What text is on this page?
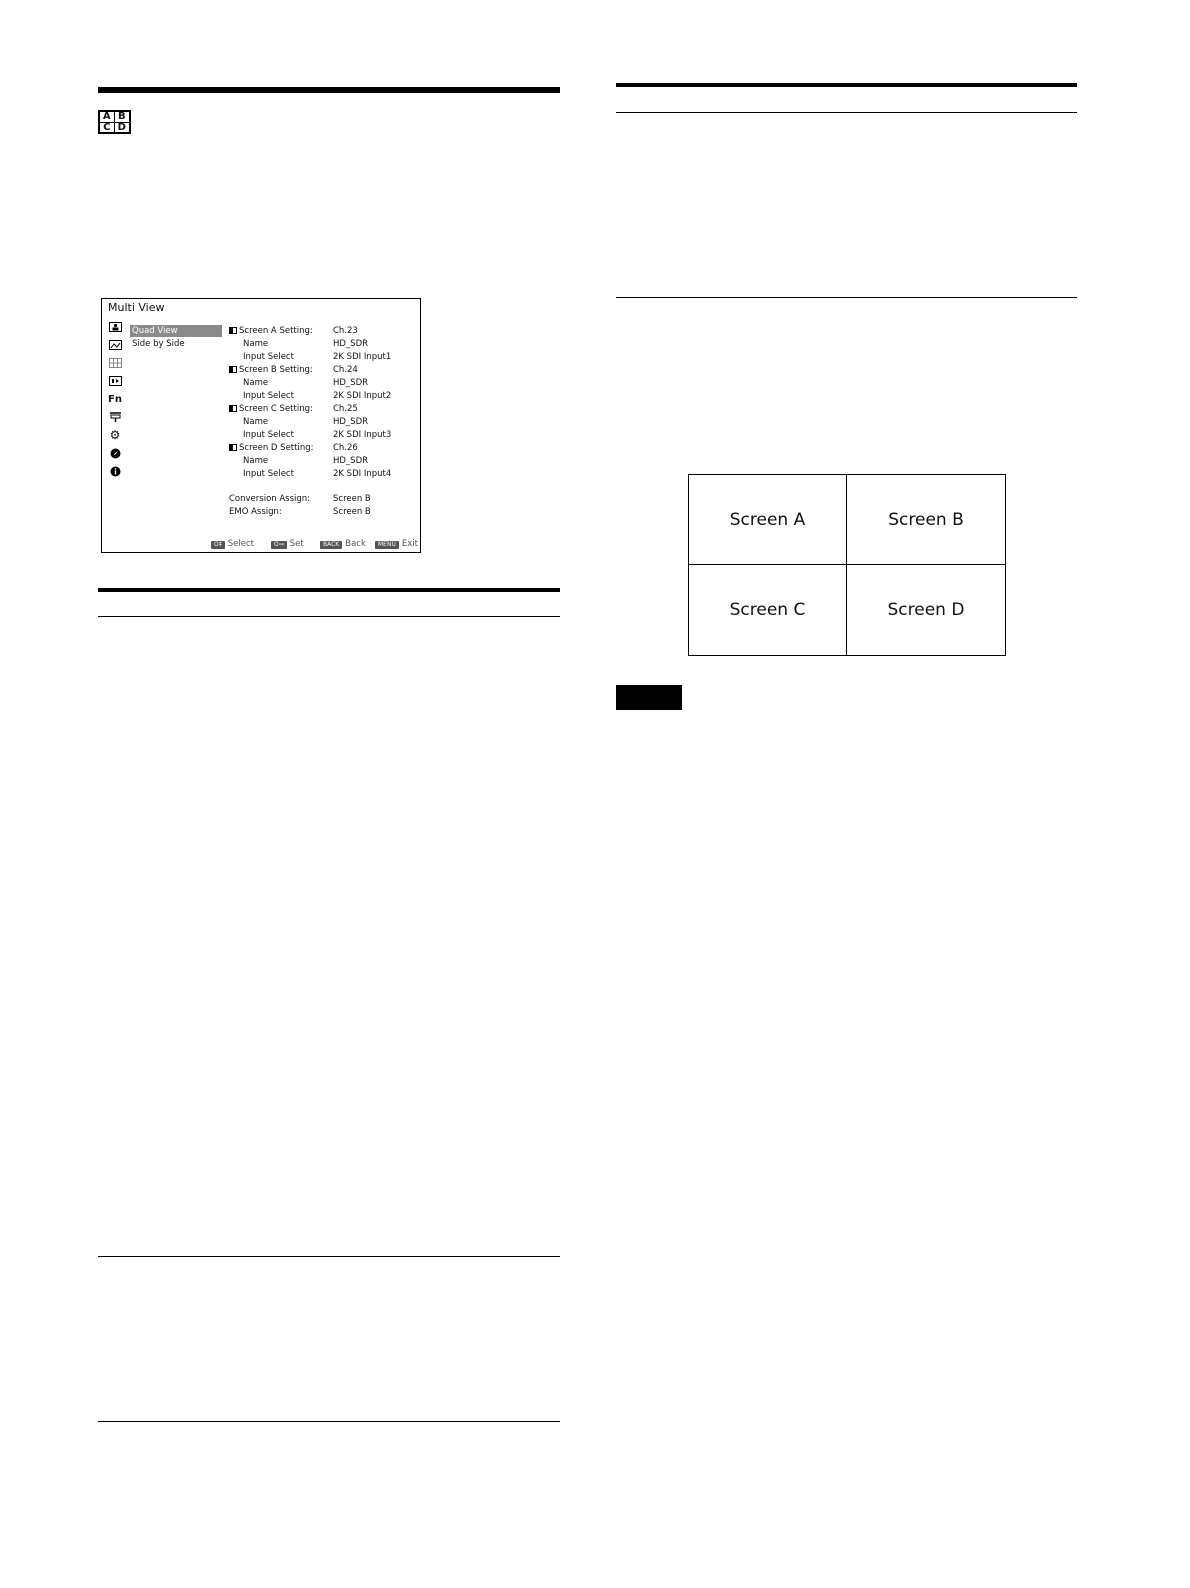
A B
C D
Multi View
Fn
⚙
Quad View
Side by Side
Screen A Setting: Ch.23
Name	HD_SDR
Input Select	2K SDI Input1
Screen B Setting: Ch.24
Name	HD_SDR
Input Select	2K SDI Input2
Screen C Setting: Ch.25
Name	HD_SDR
Input Select	2K SDI Input3
Screen D Setting: Ch.26
Name	HD_SDR
Input Select	2K SDI Input4
Conversion Assign:	Screen B
EMO Assign:	Screen B
O‡ Select	O⊸ Set	BACK Back	MENU Exit
Screen A	Screen B
Screen C	Screen D
